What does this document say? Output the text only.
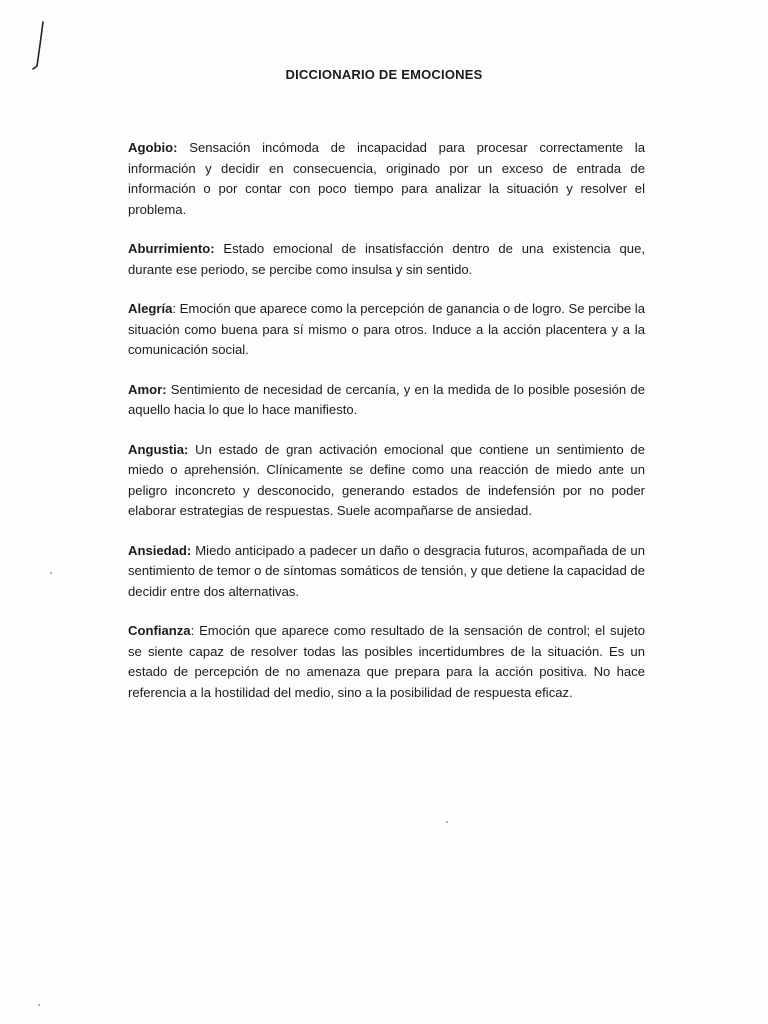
DICCIONARIO DE EMOCIONES

Agobio: Sensación incómoda de incapacidad para procesar correctamente la información y decidir en consecuencia, originado por un exceso de entrada de información o por contar con poco tiempo para analizar la situación y resolver el problema.

Aburrimiento: Estado emocional de insatisfacción dentro de una existencia que, durante ese periodo, se percibe como insulsa y sin sentido.

Alegría: Emoción que aparece como la percepción de ganancia o de logro. Se percibe la situación como buena para sí mismo o para otros. Induce a la acción placentera y a la comunicación social.

Amor: Sentimiento de necesidad de cercanía, y en la medida de lo posible posesión de aquello hacia lo que lo hace manifiesto.

Angustia: Un estado de gran activación emocional que contiene un sentimiento de miedo o aprehensión. Clínicamente se define como una reacción de miedo ante un peligro inconcreto y desconocido, generando estados de indefensión por no poder elaborar estrategias de respuestas. Suele acompañarse de ansiedad.

Ansiedad: Miedo anticipado a padecer un daño o desgracia futuros, acompañada de un sentimiento de temor o de síntomas somáticos de tensión, y que detiene la capacidad de decidir entre dos alternativas.

Confianza: Emoción que aparece como resultado de la sensación de control; el sujeto se siente capaz de resolver todas las posibles incertidumbres de la situación. Es un estado de percepción de no amenaza que prepara para la acción positiva. No hace referencia a la hostilidad del medio, sino a la posibilidad de respuesta eficaz.
